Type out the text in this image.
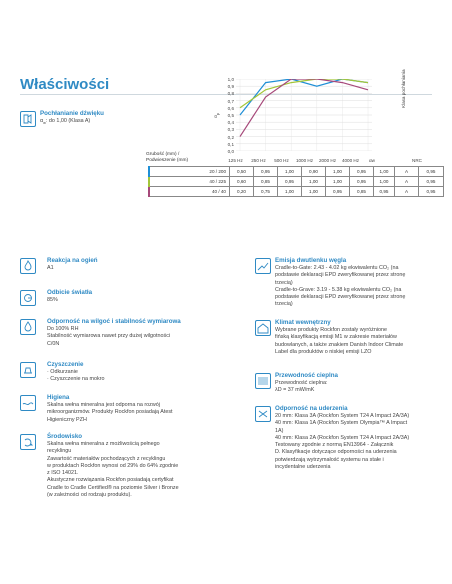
Właściwości
Pochłanianie dźwięku
$\alpha_w$: do 1,00 (Klasa A)
$\alpha_p$
1,0
0,9
0,8
0,7
0,6
0,5
0,4
0,3
0,2
0,1
0,0
Klasa pochłaniania
Grubość (mm) /
Podwieszenie (mm)	125 Hz	250 Hz	500 Hz	1000 Hz	2000 Hz	4000 Hz	αw	NRC
20 / 200	0,50	0,95	1,00	0,90	1,00	0,95	1,00	A	0,95
40 / 225	0,60	0,85	0,95	1,00	1,00	0,95	1,00	A	0,95
40 / 40	0,20	0,75	1,00	1,00	0,95	0,85	0,95	A	0,95
Reakcja na ogień
A1
Odbicie światła
85%
Odporność na wilgoć i stabilność wymiarowa
Do 100% RH
Stabilność wymiarowa nawet przy dużej wilgotności
C/0N
Czyszczenie
· Odkurzanie
· Czyszczenie na mokro
Higiena
Skalna wełna mineralna jest odporna na rozwój
mikroorganizmów. Produkty Rockfon posiadają Atest
Higieniczny PZH
Środowisko
Skalna wełna mineralna z możliwością pełnego
recyklingu
Zawartość materiałów pochodzących z recyklingu
w produktach Rockfon wynosi od 29% do 64% zgodnie
z ISO 14021.
Akustyczne rozwiązania Rockfon posiadają certyfikat
Cradle to Cradle Certified® na poziomie Silver i Bronze
(w zależności od rodzaju produktu).
Emisja dwutlenku węgla
Cradle-to-Gate: 2.43 - 4.02 kg ekwiwalentu CO₂ (na
podstawie deklaracji EPD zweryfikowanej przez stronę
trzecią)
Cradle-to-Grave: 3.19 - 5.38 kg ekwiwalentu CO₂ (na
podstawie deklaracji EPD zweryfikowanej przez stronę
trzecią)
Klimat wewnętrzny
Wybrane produkty Rockfon zostały wyróżnione
fińską klasyfikacją emisji M1 w zakresie materiałów
budowlanych, a także znakiem Danish Indoor Climate
Label dla produktów o niskiej emisji LZO
Przewodność cieplna
Przewodność cieplna:
λD = 37 mW/mK
Odporność na uderzenia
20 mm: Klasa 3A (Rockfon System T24 A Impact 2A/3A)
40 mm: Klasa 1A (Rockfon System Olympia™ A Impact
1A)
40 mm: Klasa 2A (Rockfon System T24 A Impact 2A/3A)
Testowany zgodnie z normą EN13964 - Załącznik
D. Klasyfikacje dotyczące odporności na uderzenia
potwierdzają wytrzymałość systemu na stałe i
incydentalne uderzenia
